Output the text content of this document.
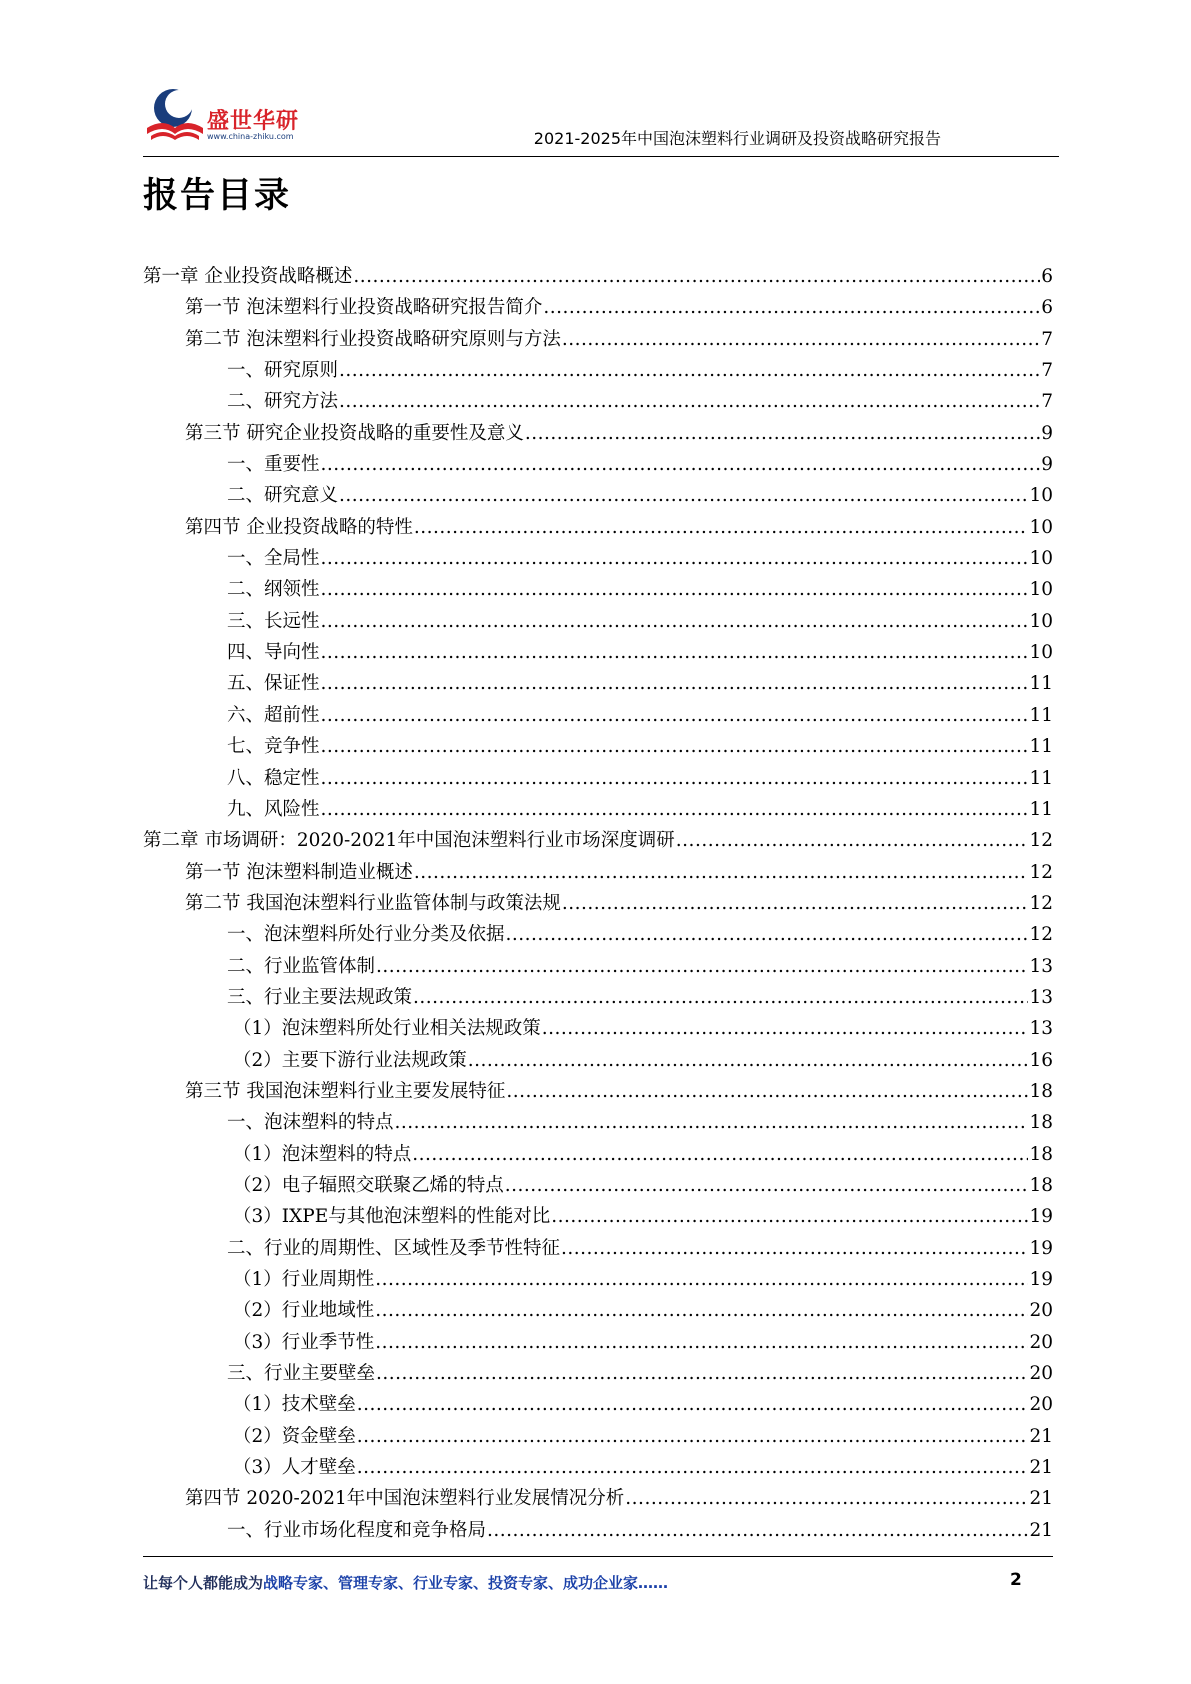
盛世华研
www.china-zhiku.com	2021-2025年中国泡沫塑料行业调研及投资战略研究报告
报告目录
第一章 企业投资战略概述 .....	6
第一节 泡沫塑料行业投资战略研究报告简介 .....	6
第二节 泡沫塑料行业投资战略研究原则与方法 .....	7
一、研究原则 .....	7
二、研究方法 .....	7
第三节 研究企业投资战略的重要性及意义 .....	9
一、重要性 .....	9
二、研究意义 .....	10
第四节 企业投资战略的特性 .....	10
一、全局性 .....	10
二、纲领性 .....	10
三、长远性 .....	10
四、导向性 .....	10
五、保证性 .....	11
六、超前性 .....	11
七、竞争性 .....	11
八、稳定性 .....	11
九、风险性 .....	11
第二章 市场调研：2020-2021年中国泡沫塑料行业市场深度调研 .....	12
第一节 泡沫塑料制造业概述 .....	12
第二节 我国泡沫塑料行业监管体制与政策法规 .....	12
一、泡沫塑料所处行业分类及依据 .....	12
二、行业监管体制 .....	13
三、行业主要法规政策 .....	13
（1）泡沫塑料所处行业相关法规政策 .....	13
（2）主要下游行业法规政策 .....	16
第三节 我国泡沫塑料行业主要发展特征 .....	18
一、泡沫塑料的特点 .....	18
（1）泡沫塑料的特点 .....	18
（2）电子辐照交联聚乙烯的特点 .....	18
（3）IXPE与其他泡沫塑料的性能对比 .....	19
二、行业的周期性、区域性及季节性特征 .....	19
（1）行业周期性 .....	19
（2）行业地域性 .....	20
（3）行业季节性 .....	20
三、行业主要壁垒 .....	20
（1）技术壁垒 .....	20
（2）资金壁垒 .....	21
（3）人才壁垒 .....	21
第四节 2020-2021年中国泡沫塑料行业发展情况分析 .....	21
一、行业市场化程度和竞争格局 .....	21
让每个人都能成为战略专家、管理专家、行业专家、投资专家、成功企业家……	2
